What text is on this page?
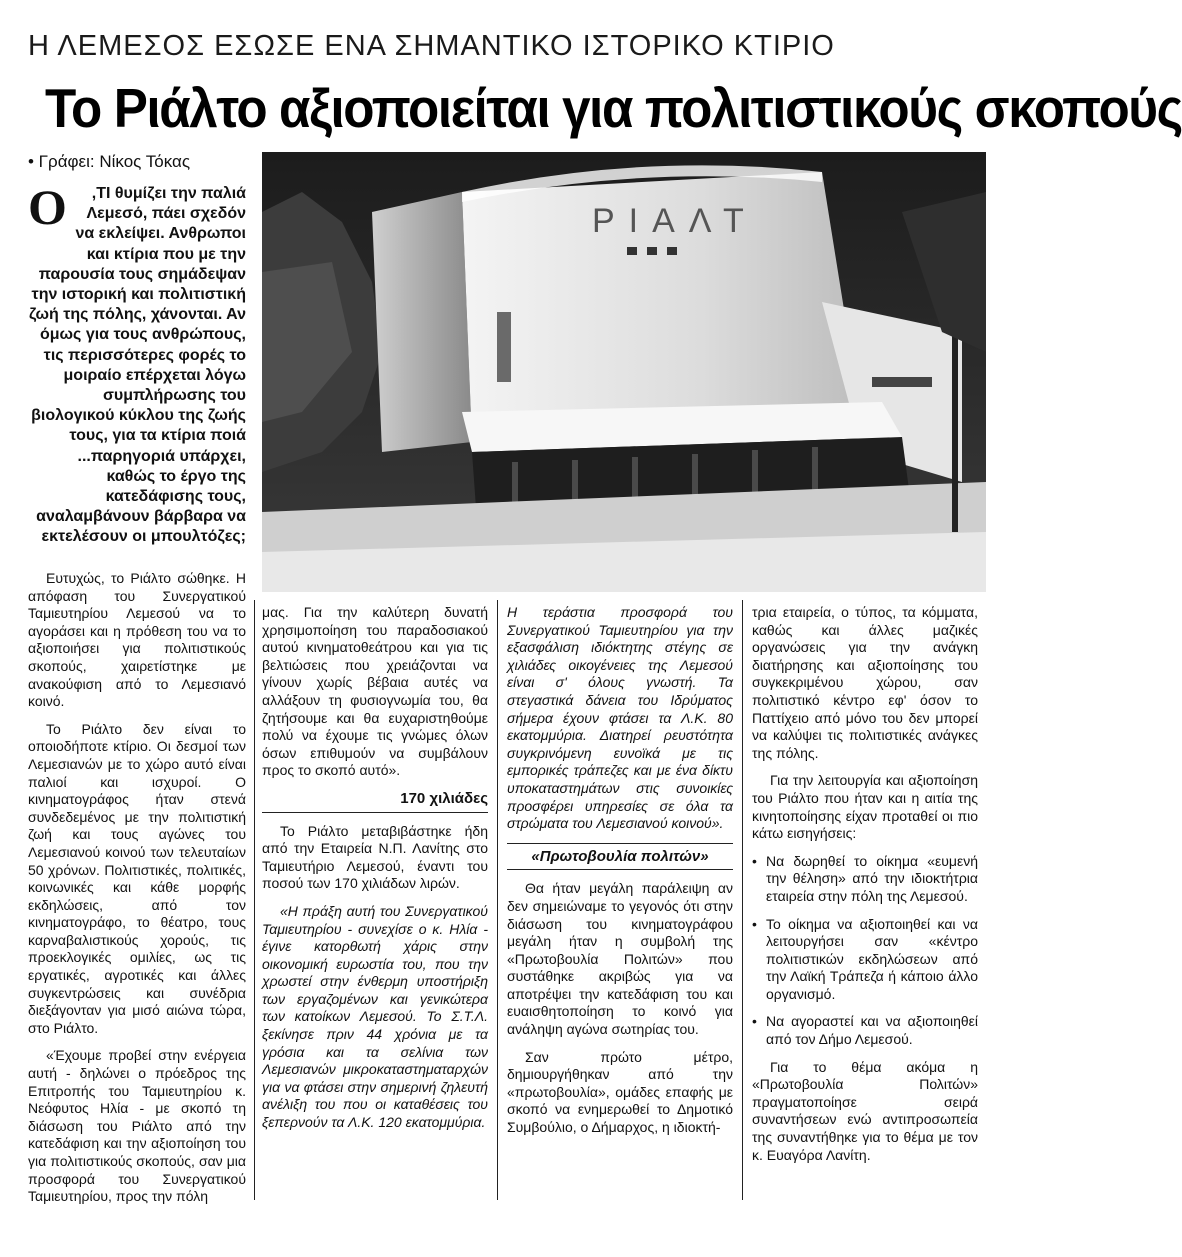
Η ΛΕΜΕΣΟΣ ΕΣΩΣΕ ΕΝΑ ΣΗΜΑΝΤΙΚΟ ΙΣΤΟΡΙΚΟ ΚΤΙΡΙΟ
Το Ριάλτο αξιοποιείται για πολιτιστικούς σκοπούς
• Γράφει: Νίκος Τόκας
Ο ,ΤΙ θυμίζει την παλιά Λεμεσό, πάει σχεδόν να εκλείψει. Ανθρωποι και κτίρια που με την παρουσία τους σημάδεψαν την ιστορική και πολιτιστική ζωή της πόλης, χάνονται. Αν όμως για τους ανθρώπους, τις περισσότερες φορές το μοιραίο επέρχεται λόγω συμπλήρωσης του βιολογικού κύκλου της ζωής τους, για τα κτίρια ποιά ...παρηγοριά υπάρχει, καθώς το έργο της κατεδάφισης τους, αναλαμβάνουν βάρβαρα να εκτελέσουν οι μπουλτόζες;
ΡΙΑΛΤ

Ευτυχώς, το Ριάλτο σώθηκε. Η απόφαση του Συνεργατικού Ταμιευτηρίου Λεμεσού να το αγοράσει και η πρόθεση του να το αξιοποιήσει για πολιτιστικούς σκοπούς, χαιρετίστηκε με ανακούφιση από το Λεμεσιανό κοινό.

Το Ριάλτο δεν είναι το οποιοδήποτε κτίριο. Οι δεσμοί των Λεμεσιανών με το χώρο αυτό είναι παλιοί και ισχυροί. Ο κινηματογράφος ήταν στενά συνδεδεμένος με την πολιτιστική ζωή και τους αγώνες του Λεμεσιανού κοινού των τελευταίων 50 χρόνων. Πολιτιστικές, πολιτικές, κοινωνικές και κάθε μορφής εκδηλώσεις, από τον κινηματογράφο, το θέατρο, τους καρναβαλιστικούς χορούς, τις προεκλογικές ομιλίες, ως τις εργατικές, αγροτικές και άλλες συγκεντρώσεις και συνέδρια διεξάγονταν για μισό αιώνα τώρα, στο Ριάλτο.

«Έχουμε προβεί στην ενέργεια αυτή - δηλώνει ο πρόεδρος της Επιτροπής του Ταμιευτηρίου κ. Νεόφυτος Ηλία - με σκοπό τη διάσωση του Ριάλτο από την κατεδάφιση και την αξιοποίηση του για πολιτιστικούς σκοπούς, σαν μια προσφορά του Συνεργατικού Ταμιευτηρίου, προς την πόλη

μας. Για την καλύτερη δυνατή χρησιμοποίηση του παραδοσιακού αυτού κινηματοθεάτρου και για τις βελτιώσεις που χρειάζονται να γίνουν χωρίς βέβαια αυτές να αλλάξουν τη φυσιογνωμία του, θα ζητήσουμε και θα ευχαριστηθούμε πολύ να έχουμε τις γνώμες όλων όσων επιθυμούν να συμβάλουν προς το σκοπό αυτό».

170 χιλιάδες

Το Ριάλτο μεταβιβάστηκε ήδη από την Εταιρεία Ν.Π. Λανίτης στο Ταμιευτήριο Λεμεσού, έναντι του ποσού των 170 χιλιάδων λιρών.

«Η πράξη αυτή του Συνεργατικού Ταμιευτηρίου - συνεχίσε ο κ. Ηλία - έγινε κατορθωτή χάρις στην οικονομική ευρωστία του, που την χρωστεί στην ένθερμη υποστήριξη των εργαζομένων και γενικώτερα των κατοίκων Λεμεσού. Το Σ.Τ.Λ. ξεκίνησε πριν 44 χρόνια με τα γρόσια και τα σελίνια των Λεμεσιανών μικροκαταστηματαρχών για να φτάσει στην σημερινή ζηλευτή ανέλιξη του που οι καταθέσεις του ξεπερνούν τα Λ.Κ. 120 εκατομμύρια.

Η τεράστια προσφορά του Συνεργατικού Ταμιευτηρίου για την εξασφάλιση ιδιόκτητης στέγης σε χιλιάδες οικογένειες της Λεμεσού είναι σ' όλους γνωστή. Τα στεγαστικά δάνεια του Ιδρύματος σήμερα έχουν φτάσει τα Λ.Κ. 80 εκατομμύρια. Διατηρεί ρευστότητα συγκρινόμενη ευνοϊκά με τις εμπορικές τράπεζες και με ένα δίκτυ υποκαταστημάτων στις συνοικίες προσφέρει υπηρεσίες σε όλα τα στρώματα του Λεμεσιανού κοινού».

«Πρωτοβουλία πολιτών»

Θα ήταν μεγάλη παράλειψη αν δεν σημειώναμε το γεγονός ότι στην διάσωση του κινηματογράφου μεγάλη ήταν η συμβολή της «Πρωτοβουλία Πολιτών» που συστάθηκε ακριβώς για να αποτρέψει την κατεδάφιση του και ευαισθητοποίηση το κοινό για ανάληψη αγώνα σωτηρίας του.

Σαν πρώτο μέτρο, δημιουργήθηκαν από την «πρωτοβουλία», ομάδες επαφής με σκοπό να ενημερωθεί το Δημοτικό Συμβούλιο, ο Δήμαρχος, η ιδιοκτή-

τρια εταιρεία, ο τύπος, τα κόμματα, καθώς και άλλες μαζικές οργανώσεις για την ανάγκη διατήρησης και αξιοποίησης του συγκεκριμένου χώρου, σαν πολιτιστικό κέντρο εφ' όσον το Παττίχειο από μόνο του δεν μπορεί να καλύψει τις πολιτιστικές ανάγκες της πόλης.

Για την λειτουργία και αξιοποίηση του Ριάλτο που ήταν και η αιτία της κινητοποίησης είχαν προταθεί οι πιο κάτω εισηγήσεις:

• Να δωρηθεί το οίκημα «ευμενή την θέληση» από την ιδιοκτήτρια εταιρεία στην πόλη της Λεμεσού.

• Το οίκημα να αξιοποιηθεί και να λειτουργήσει σαν «κέντρο πολιτιστικών εκδηλώσεων από την Λαϊκή Τράπεζα ή κάποιο άλλο οργανισμό.

• Να αγοραστεί και να αξιοποιηθεί από τον Δήμο Λεμεσού.

Για το θέμα ακόμα η «Πρωτοβουλία Πολιτών» πραγματοποίησε σειρά συναντήσεων ενώ αντιπροσωπεία της συναντήθηκε για το θέμα με τον κ. Ευαγόρα Λανίτη.
